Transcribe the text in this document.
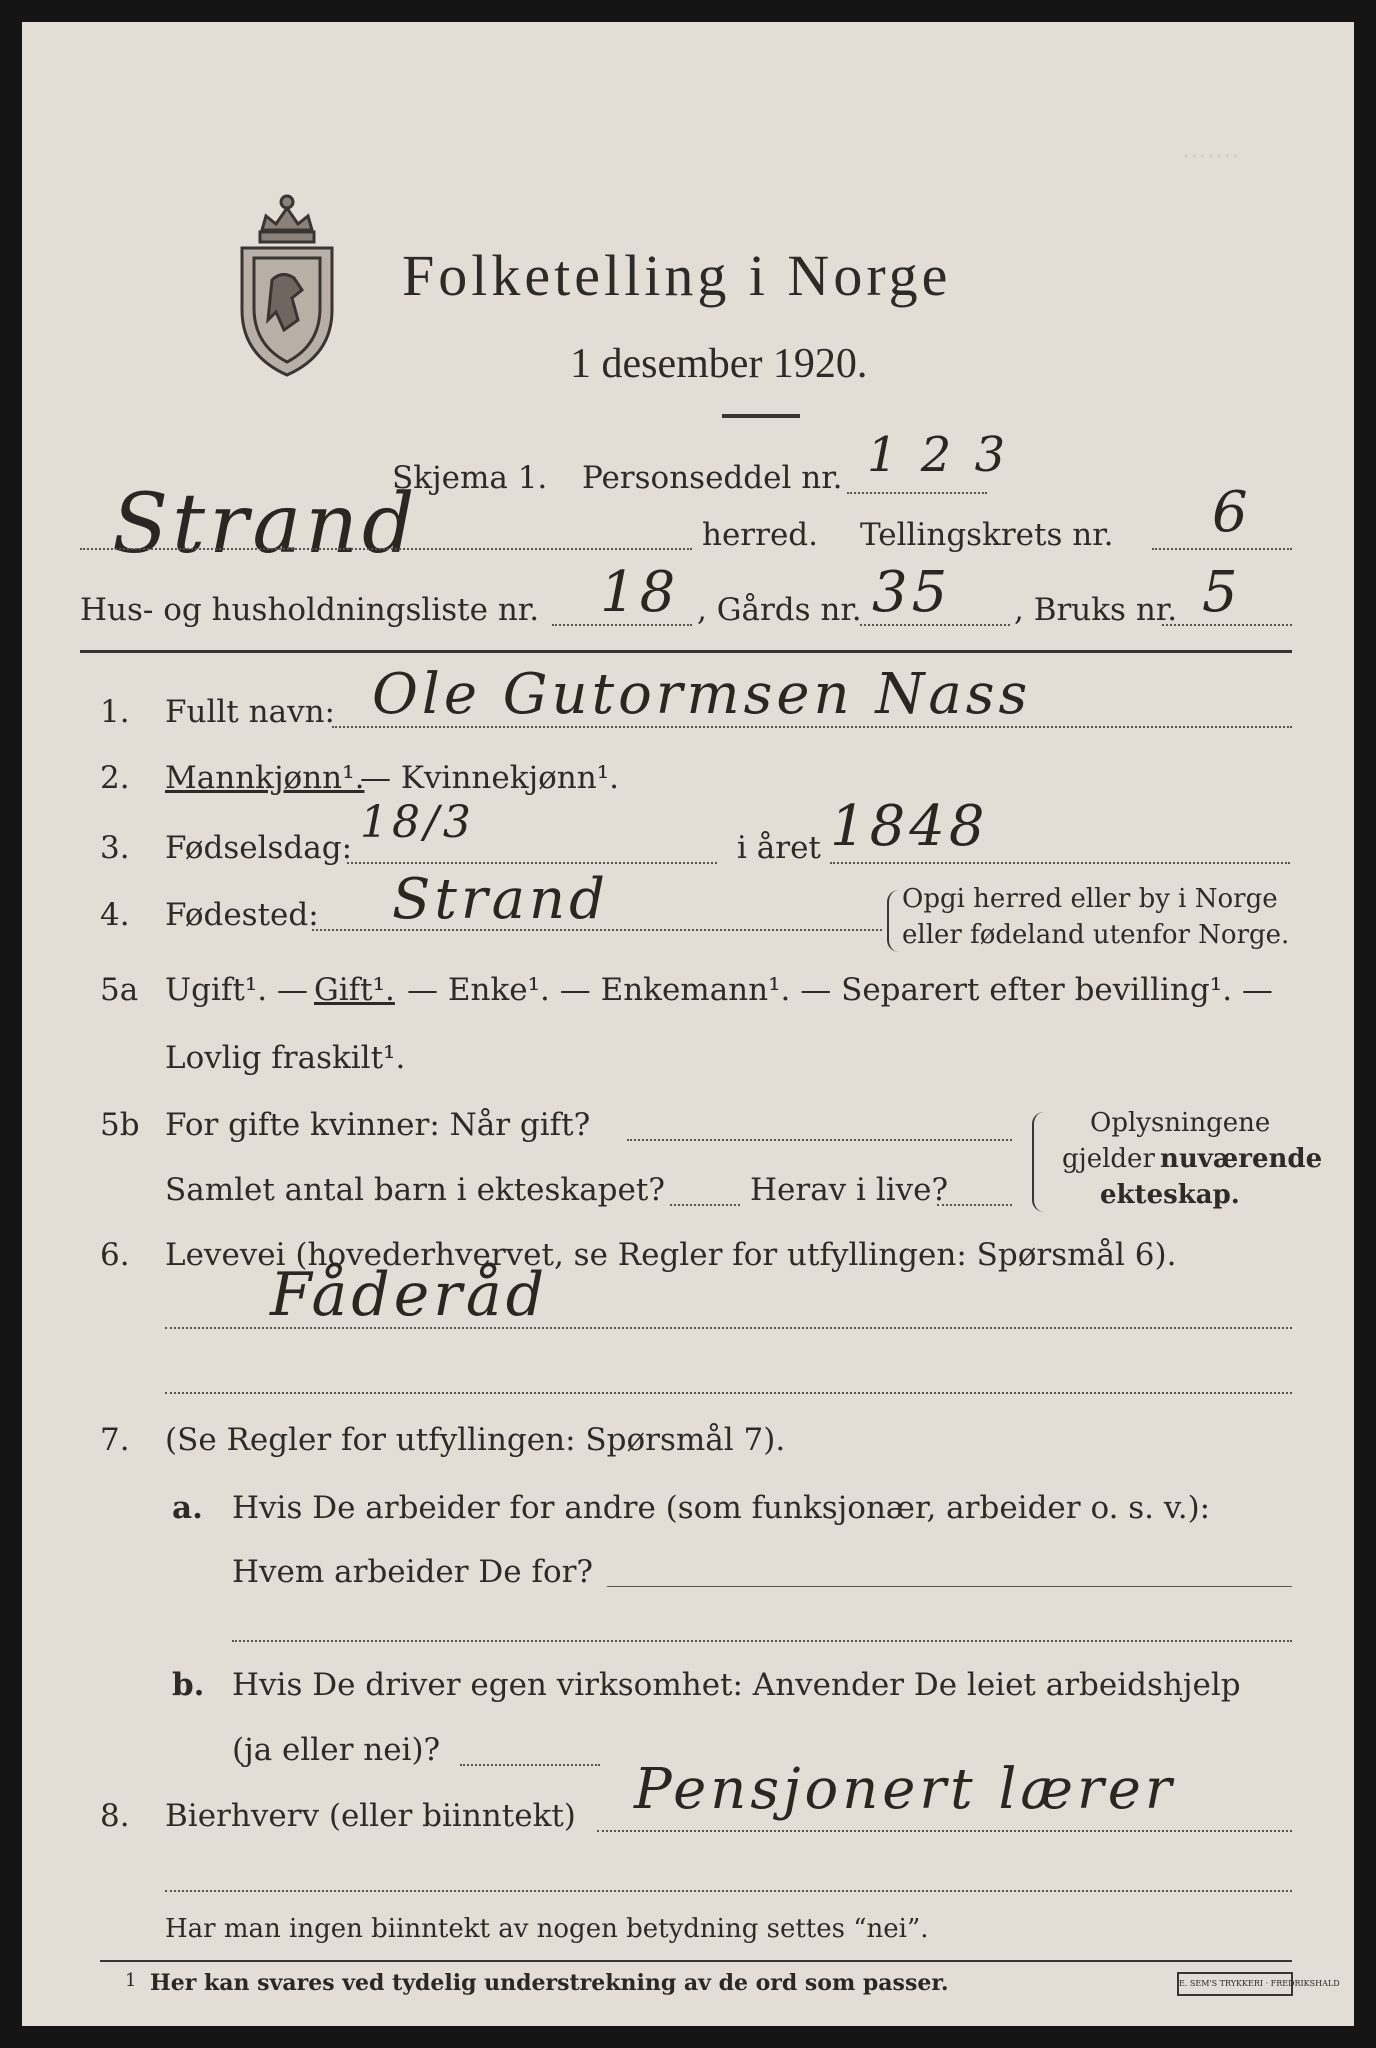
·······
Folketelling i Norge
1 desember 1920.
Skjema 1. Personseddel nr. 1 2 3
Strand	herred. Tellingskrets nr. 6
Hus- og husholdningsliste nr. 18 , Gårds nr. 35 , Bruks nr. 5
1. Fullt navn: Ole Gutormsen Nass
2. Mannkjønn¹.
— Kvinnekjønn¹.
3. Fødselsdag: 18/3	i året 1848
4. Fødested: Strand	Opgi herred eller by i Norge
eller fødeland utenfor Norge.
5a Ugift¹. — Gift¹. — Enke¹. — Enkemann¹. — Separert efter bevilling¹. —
Lovlig fraskilt¹.
5b For gifte kvinner: Når gift?
Samlet antal barn i ekteskapet?	Herav i live?
Oplysningene
gjelder nuværende
ekteskap.
6. Levevei (hovederhvervet, se Regler for utfyllingen: Spørsmål 6).
Fåderåd
7. (Se Regler for utfyllingen: Spørsmål 7).
a. Hvis De arbeider for andre (som funksjonær, arbeider o. s. v.):
Hvem arbeider De for?
b. Hvis De driver egen virksomhet: Anvender De leiet arbeidshjelp
(ja eller nei)?
8. Bierhverv (eller biinntekt) Pensjonert lærer
Har man ingen biinntekt av nogen betydning settes “nei”.
1 Her kan svares ved tydelig understrekning av de ord som passer.	E. SEM'S TRYKKERI · FREDRIKSHALD
